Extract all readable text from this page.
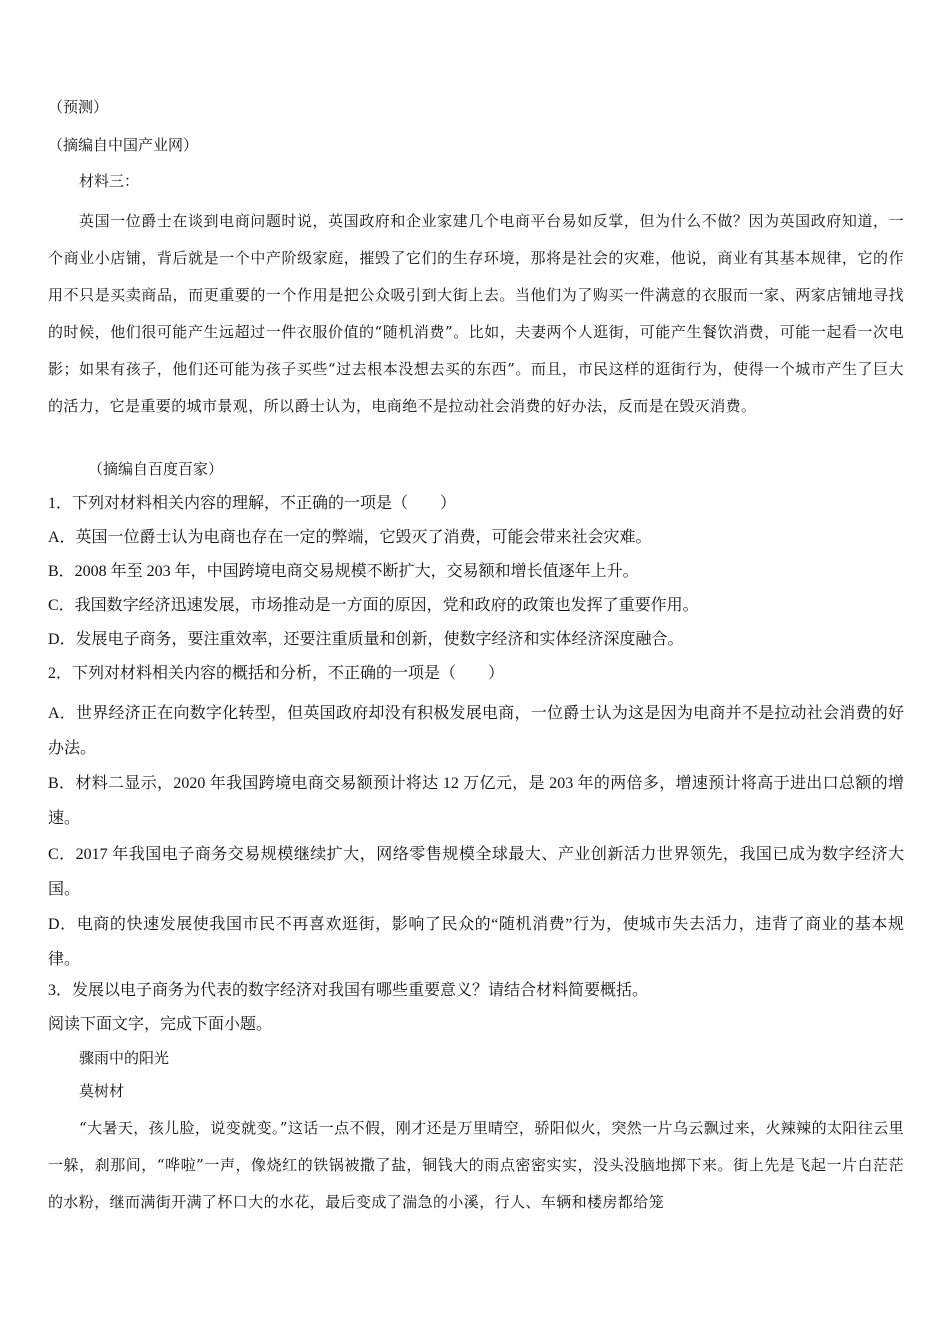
（预测）
（摘编自中国产业网）
材料三：
英国一位爵士在谈到电商问题时说，英国政府和企业家建几个电商平台易如反掌，但为什么不做？因为英国政府知道，一个商业小店铺，背后就是一个中产阶级家庭，摧毁了它们的生存环境，那将是社会的灾难，他说，商业有其基本规律，它的作用不只是买卖商品，而更重要的一个作用是把公众吸引到大街上去。当他们为了购买一件满意的衣服而一家、两家店铺地寻找的时候，他们很可能产生远超过一件衣服价值的“随机消费”。比如，夫妻两个人逛街，可能产生餐饮消费，可能一起看一次电影；如果有孩子，他们还可能为孩子买些“过去根本没想去买的东西”。而且，市民这样的逛街行为，使得一个城市产生了巨大的活力，它是重要的城市景观，所以爵士认为，电商绝不是拉动社会消费的好办法，反而是在毁灭消费。
（摘编自百度百家）
1．下列对材料相关内容的理解，不正确的一项是（　　）
A．英国一位爵士认为电商也存在一定的弊端，它毁灭了消费，可能会带来社会灾难。
B．2008 年至 203 年，中国跨境电商交易规模不断扩大，交易额和增长值逐年上升。
C．我国数字经济迅速发展，市场推动是一方面的原因，党和政府的政策也发挥了重要作用。
D．发展电子商务，要注重效率，还要注重质量和创新，使数字经济和实体经济深度融合。
2．下列对材料相关内容的概括和分析，不正确的一项是（　　）
A．世界经济正在向数字化转型，但英国政府却没有积极发展电商，一位爵士认为这是因为电商并不是拉动社会消费的好办法。
B．材料二显示，2020 年我国跨境电商交易额预计将达 12 万亿元，是 203 年的两倍多，增速预计将高于进出口总额的增速。
C．2017 年我国电子商务交易规模继续扩大，网络零售规模全球最大、产业创新活力世界领先，我国已成为数字经济大国。
D．电商的快速发展使我国市民不再喜欢逛街，影响了民众的“随机消费”行为，使城市失去活力，违背了商业的基本规律。
3．发展以电子商务为代表的数字经济对我国有哪些重要意义？请结合材料简要概括。
阅读下面文字，完成下面小题。
骤雨中的阳光
莫树材
“大暑天，孩儿脸，说变就变。”这话一点不假，刚才还是万里晴空，骄阳似火，突然一片乌云飘过来，火辣辣的太阳往云里一躲，刹那间，“哗啦”一声，像烧红的铁锅被撒了盐，铜钱大的雨点密密实实，没头没脑地掷下来。街上先是飞起一片白茫茫的水粉，继而满街开满了杯口大的水花，最后变成了湍急的小溪，行人、车辆和楼房都给笼
